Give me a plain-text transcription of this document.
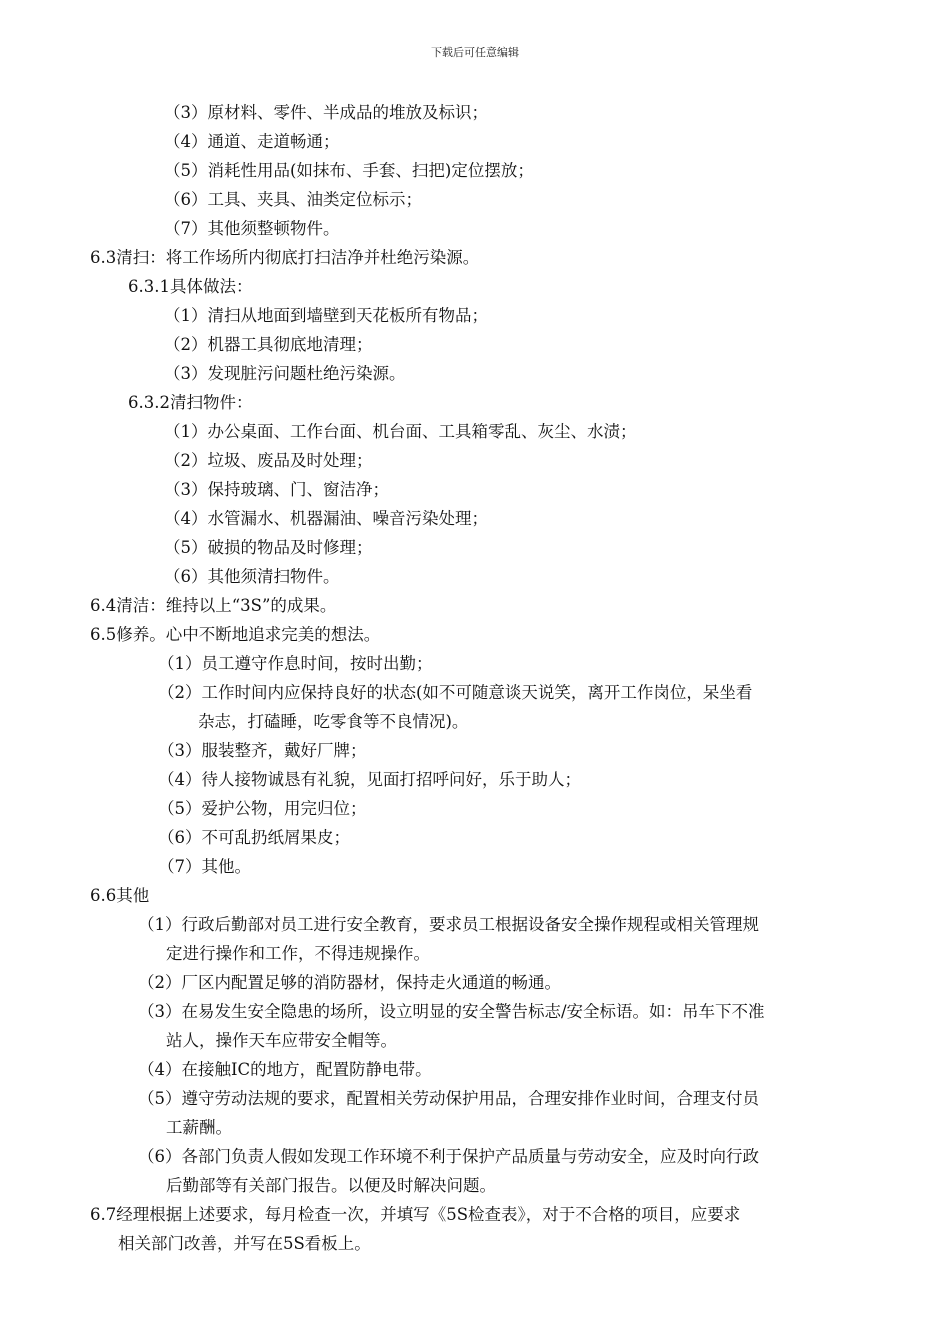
下载后可任意编辑
（3）原材料、零件、半成品的堆放及标识；
（4）通道、走道畅通；
（5）消耗性用品(如抹布、手套、扫把)定位摆放；
（6）工具、夹具、油类定位标示；
（7）其他须整顿物件。
6.3清扫：将工作场所内彻底打扫洁净并杜绝污染源。
6.3.1具体做法：
（1）清扫从地面到墙壁到天花板所有物品；
（2）机器工具彻底地清理；
（3）发现脏污问题杜绝污染源。
6.3.2清扫物件：
（1）办公桌面、工作台面、机台面、工具箱零乱、灰尘、水渍；
（2）垃圾、废品及时处理；
（3）保持玻璃、门、窗洁净；
（4）水管漏水、机器漏油、噪音污染处理；
（5）破损的物品及时修理；
（6）其他须清扫物件。
6.4清洁：维持以上“3S”的成果。
6.5修养。心中不断地追求完美的想法。
（1）员工遵守作息时间，按时出勤；
（2）工作时间内应保持良好的状态(如不可随意谈天说笑，离开工作岗位，呆坐看
杂志，打磕睡，吃零食等不良情况)。
（3）服装整齐，戴好厂牌；
（4）待人接物诚恳有礼貌，见面打招呼问好，乐于助人；
（5）爱护公物，用完归位；
（6）不可乱扔纸屑果皮；
（7）其他。
6.6其他
（1）行政后勤部对员工进行安全教育，要求员工根据设备安全操作规程或相关管理规
定进行操作和工作，不得违规操作。
（2）厂区内配置足够的消防器材，保持走火通道的畅通。
（3）在易发生安全隐患的场所，设立明显的安全警告标志/安全标语。如：吊车下不准
站人，操作天车应带安全帽等。
（4）在接触IC的地方，配置防静电带。
（5）遵守劳动法规的要求，配置相关劳动保护用品，合理安排作业时间，合理支付员
工薪酬。
（6）各部门负责人假如发现工作环境不利于保护产品质量与劳动安全，应及时向行政
后勤部等有关部门报告。以便及时解决问题。
6.7经理根据上述要求，每月检查一次，并填写《5S检查表》，对于不合格的项目，应要求
相关部门改善，并写在5S看板上。
